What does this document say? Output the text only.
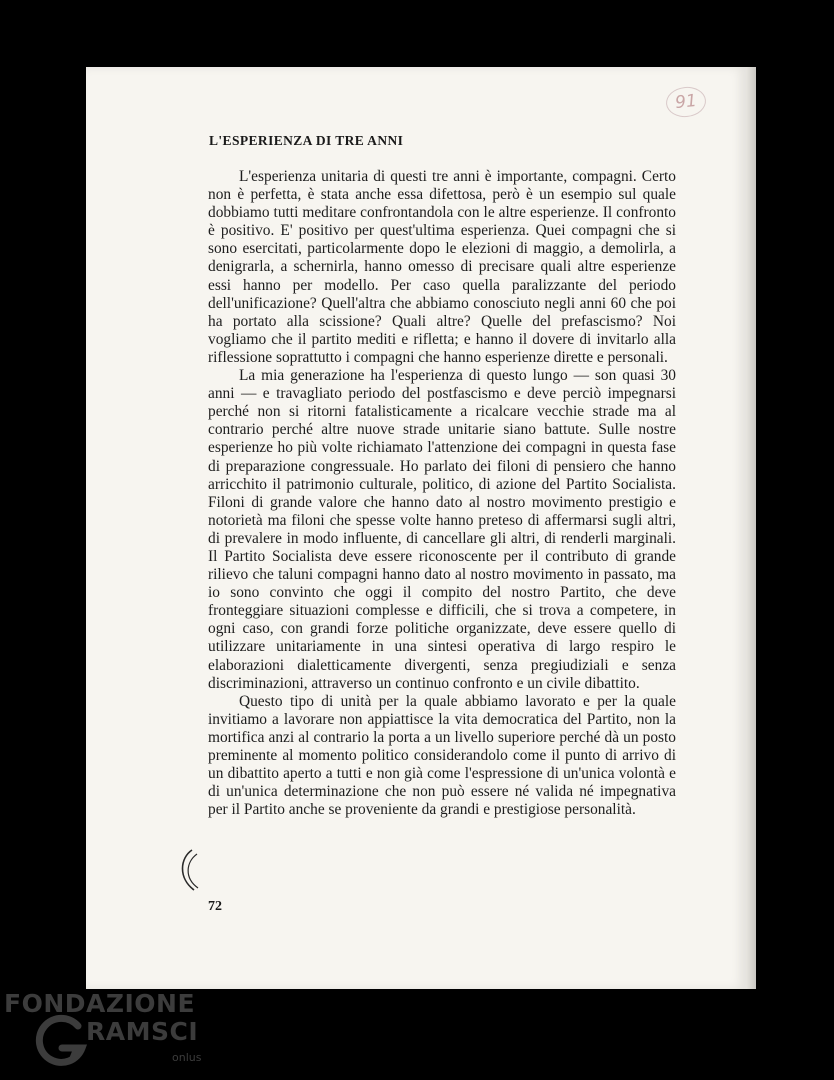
91
L'ESPERIENZA DI TRE ANNI

L'esperienza unitaria di questi tre anni è importante, compagni. Certo non è perfetta, è stata anche essa difettosa, però è un esempio sul quale dobbiamo tutti meditare confrontandola con le altre esperienze. Il confronto è positivo. E' positivo per quest'ultima esperienza. Quei compagni che si sono esercitati, particolarmente dopo le elezioni di maggio, a demolirla, a denigrarla, a schernirla, hanno omesso di precisare quali altre esperienze essi hanno per modello. Per caso quella paralizzante del periodo dell'unificazione? Quell'altra che abbiamo conosciuto negli anni 60 che poi ha portato alla scissione? Quali altre? Quelle del prefascismo? Noi vogliamo che il partito mediti e rifletta; e hanno il dovere di invitarlo alla riflessione soprattutto i compagni che hanno esperienze dirette e personali.

La mia generazione ha l'esperienza di questo lungo — son quasi 30 anni — e travagliato periodo del postfascismo e deve perciò impegnarsi perché non si ritorni fatalisticamente a ricalcare vecchie strade ma al contrario perché altre nuove strade unitarie siano battute. Sulle nostre esperienze ho più volte richiamato l'attenzione dei compagni in questa fase di preparazione congressuale. Ho parlato dei filoni di pensiero che hanno arricchito il patrimonio culturale, politico, di azione del Partito Socialista. Filoni di grande valore che hanno dato al nostro movimento prestigio e notorietà ma filoni che spesse volte hanno preteso di affermarsi sugli altri, di prevalere in modo influente, di cancellare gli altri, di renderli marginali. Il Partito Socialista deve essere riconoscente per il contributo di grande rilievo che taluni compagni hanno dato al nostro movimento in passato, ma io sono convinto che oggi il compito del nostro Partito, che deve fronteggiare situazioni complesse e difficili, che si trova a competere, in ogni caso, con grandi forze politiche organizzate, deve essere quello di utilizzare unitariamente in una sintesi operativa di largo respiro le elaborazioni dialetticamente divergenti, senza pregiudiziali e senza discriminazioni, attraverso un continuo confronto e un civile dibattito.

Questo tipo di unità per la quale abbiamo lavorato e per la quale invitiamo a lavorare non appiattisce la vita democratica del Partito, non la mortifica anzi al contrario la porta a un livello superiore perché dà un posto preminente al momento politico considerandolo come il punto di arrivo di un dibattito aperto a tutti e non già come l'espressione di un'unica volontà e di un'unica determinazione che non può essere né valida né impegnativa per il Partito anche se proveniente da grandi e prestigiose personalità.

72
FONDAZIONE
RAMSCI
onlus
